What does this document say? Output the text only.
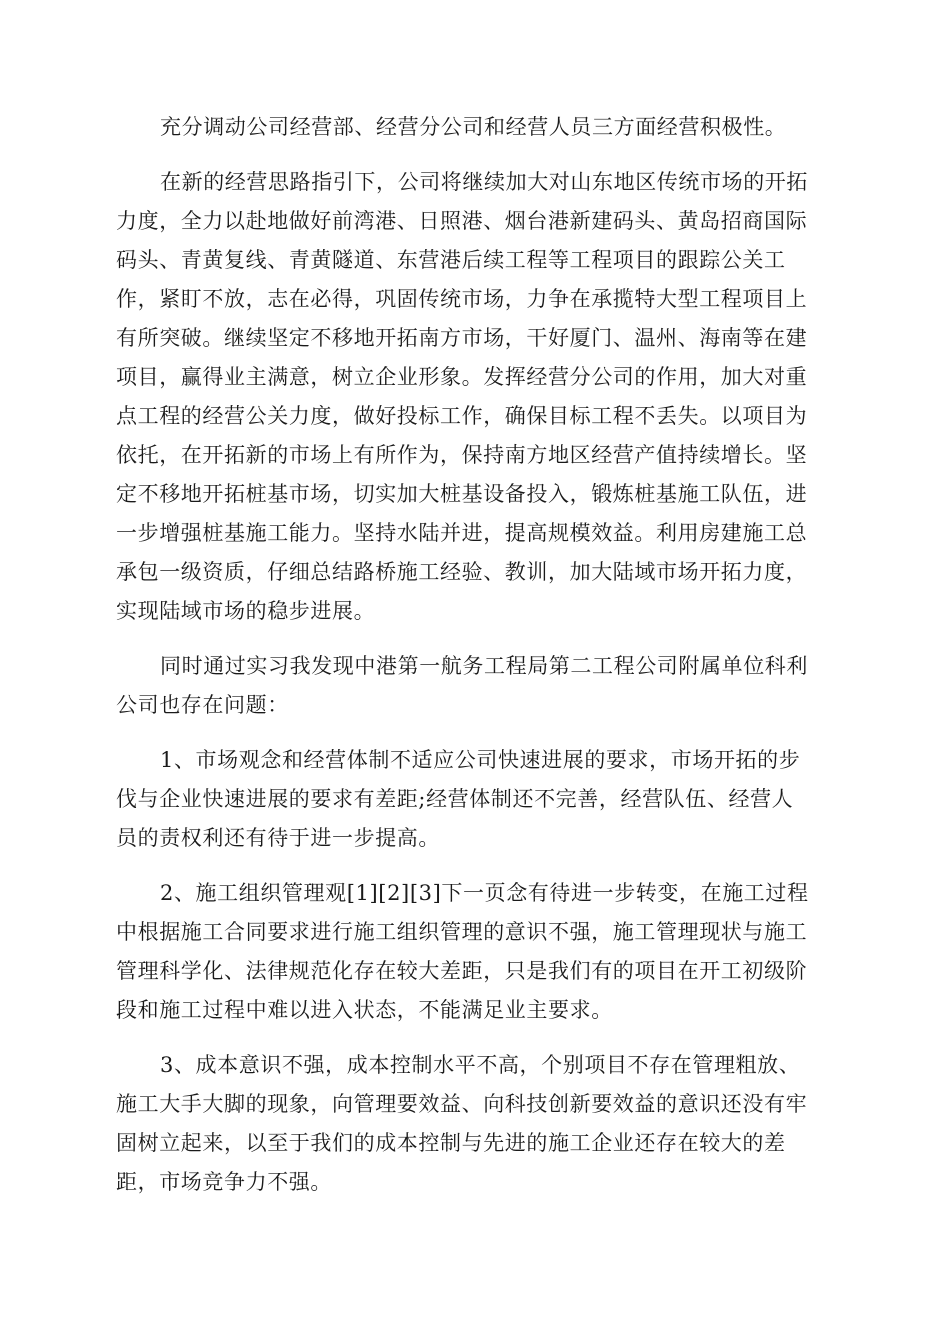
充分调动公司经营部、经营分公司和经营人员三方面经营积极性。
在新的经营思路指引下，公司将继续加大对山东地区传统市场的开拓
力度，全力以赴地做好前湾港、日照港、烟台港新建码头、黄岛招商国际
码头、青黄复线、青黄隧道、东营港后续工程等工程项目的跟踪公关工
作，紧盯不放，志在必得，巩固传统市场，力争在承揽特大型工程项目上
有所突破。继续坚定不移地开拓南方市场，干好厦门、温州、海南等在建
项目，赢得业主满意，树立企业形象。发挥经营分公司的作用，加大对重
点工程的经营公关力度，做好投标工作，确保目标工程不丢失。以项目为
依托，在开拓新的市场上有所作为，保持南方地区经营产值持续增长。坚
定不移地开拓桩基市场，切实加大桩基设备投入，锻炼桩基施工队伍，进
一步增强桩基施工能力。坚持水陆并进，提高规模效益。利用房建施工总
承包一级资质，仔细总结路桥施工经验、教训，加大陆域市场开拓力度，
实现陆域市场的稳步进展。
同时通过实习我发现中港第一航务工程局第二工程公司附属单位科利
公司也存在问题：
1、市场观念和经营体制不适应公司快速进展的要求，市场开拓的步
伐与企业快速进展的要求有差距;经营体制还不完善，经营队伍、经营人
员的责权利还有待于进一步提高。
2、施工组织管理观[1][2][3]下一页念有待进一步转变，在施工过程
中根据施工合同要求进行施工组织管理的意识不强，施工管理现状与施工
管理科学化、法律规范化存在较大差距，只是我们有的项目在开工初级阶
段和施工过程中难以进入状态，不能满足业主要求。
3、成本意识不强，成本控制水平不高，个别项目不存在管理粗放、
施工大手大脚的现象，向管理要效益、向科技创新要效益的意识还没有牢
固树立起来，以至于我们的成本控制与先进的施工企业还存在较大的差
距，市场竞争力不强。
